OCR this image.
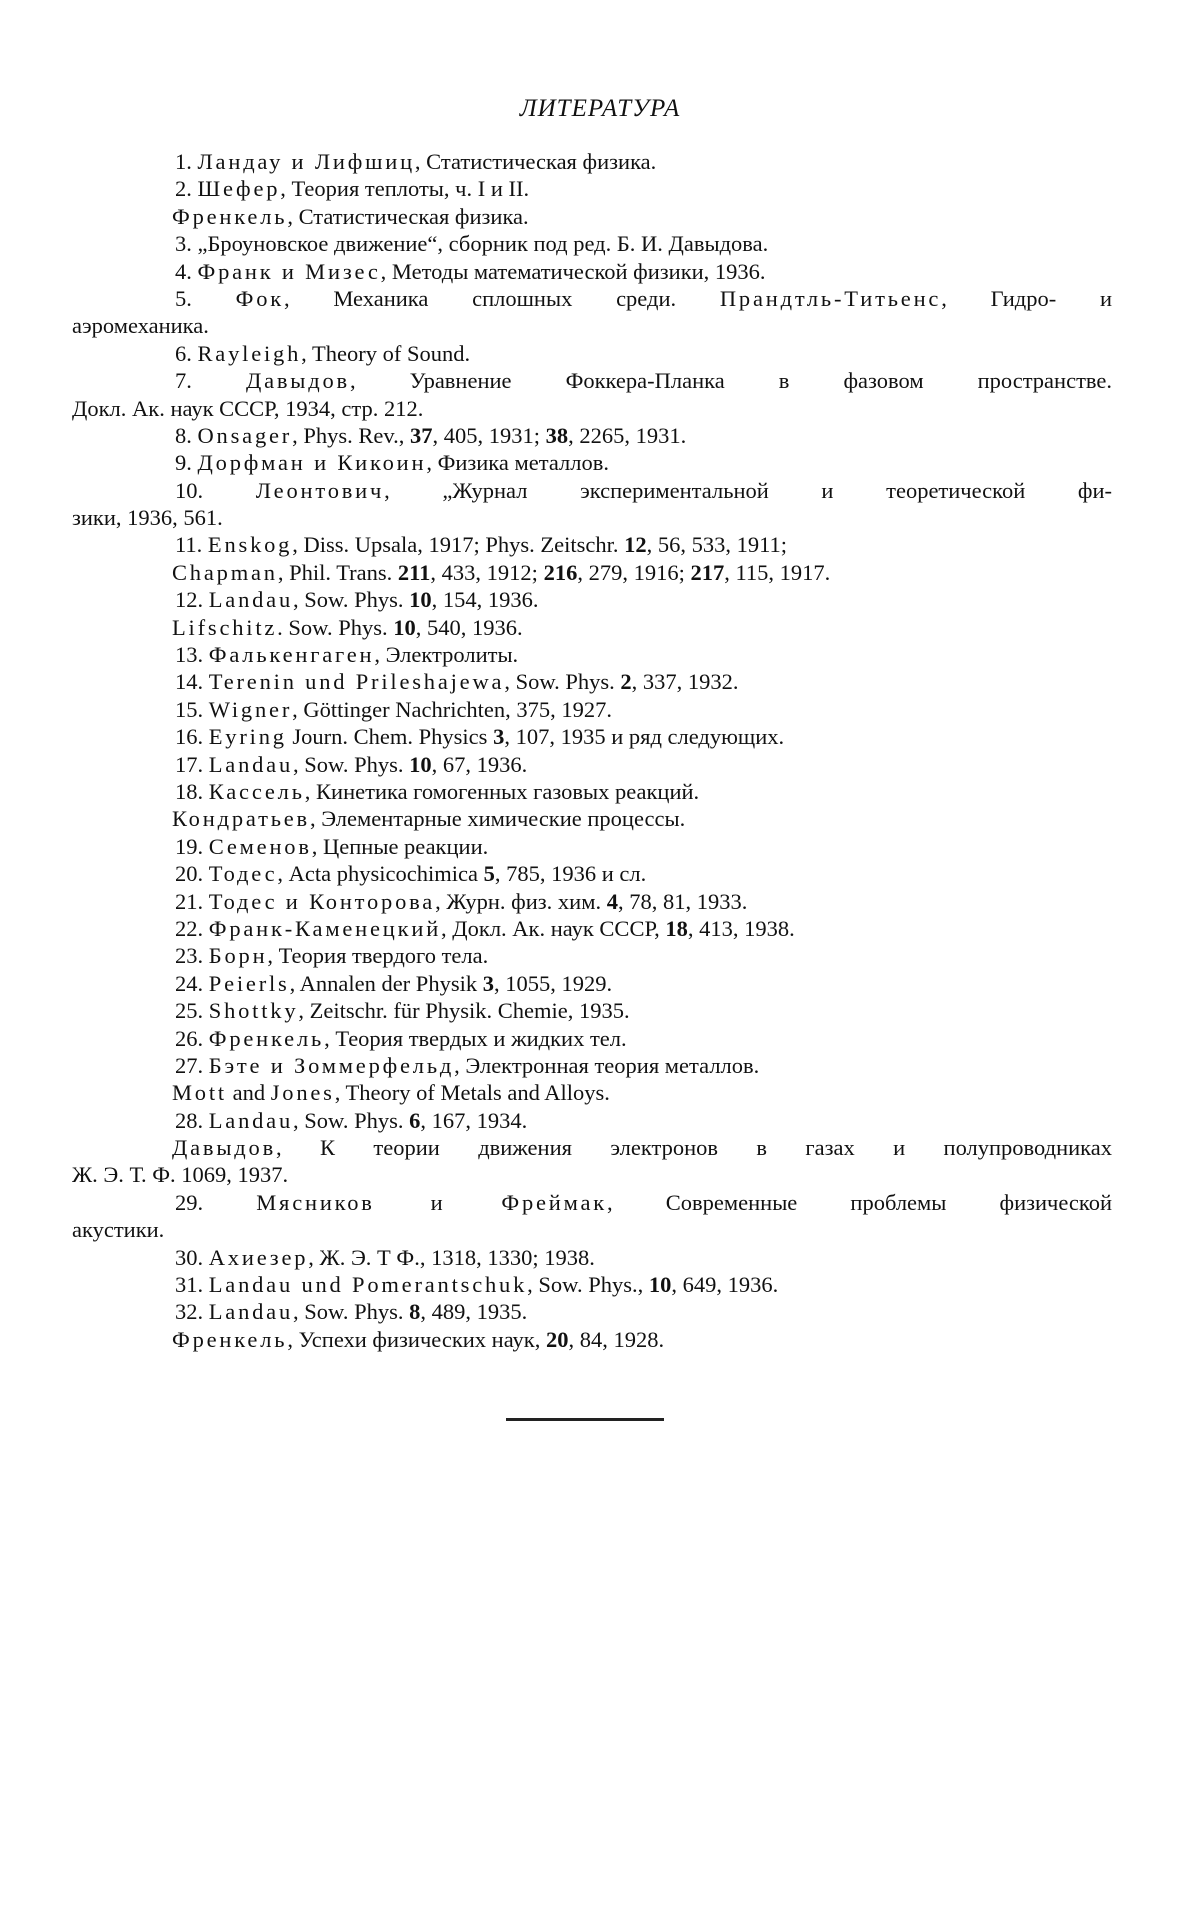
ЛИТЕРАТУРА
1. Ландау и Лифшиц, Статистическая физика.
2. Шефер, Теория теплоты, ч. I и II.
Френкель, Статистическая физика.
3. „Броуновское движение“, сборник под ред. Б. И. Давыдова.
4. Франк и Мизес, Методы математической физики, 1936.
5. Фок, Механика сплошных среди. Прандтль-Титьенс, Гидро- и
аэромеханика.
6. Rayleigh, Theory of Sound.
7. Давыдов, Уравнение Фоккера-Планка в фазовом пространстве.
Докл. Ак. наук СССР, 1934, стр. 212.
8. Onsager, Phys. Rev., 37, 405, 1931; 38, 2265, 1931.
9. Дорфман и Кикоин, Физика металлов.
10. Леонтович, „Журнал экспериментальной и теоретической фи-
зики, 1936, 561.
11. Enskog, Diss. Upsala, 1917; Phys. Zeitschr. 12, 56, 533, 1911;
Chapman, Phil. Trans. 211, 433, 1912; 216, 279, 1916; 217, 115, 1917.
12. Landau, Sow. Phys. 10, 154, 1936.
Lifschitz. Sow. Phys. 10, 540, 1936.
13. Фалькенгаген, Электролиты.
14. Terenin und Prileshajewa, Sow. Phys. 2, 337, 1932.
15. Wigner, Göttinger Nachrichten, 375, 1927.
16. Eyring Journ. Chem. Physics 3, 107, 1935 и ряд следующих.
17. Landau, Sow. Phys. 10, 67, 1936.
18. Кассель, Кинетика гомогенных газовых реакций.
Кондратьев, Элементарные химические процессы.
19. Семенов, Цепные реакции.
20. Тодес, Acta physicochimica 5, 785, 1936 и сл.
21. Тодес и Конторова, Журн. физ. хим. 4, 78, 81, 1933.
22. Франк-Каменецкий, Докл. Ак. наук СССР, 18, 413, 1938.
23. Борн, Теория твердого тела.
24. Peierls, Annalen der Physik 3, 1055, 1929.
25. Shottky, Zeitschr. für Physik. Chemie, 1935.
26. Френкель, Теория твердых и жидких тел.
27. Бэте и Зоммерфельд, Электронная теория металлов.
Mott and Jones, Theory of Metals and Alloys.
28. Landau, Sow. Phys. 6, 167, 1934.
Давыдов, К теории движения электронов в газах и полупроводниках
Ж. Э. Т. Ф. 1069, 1937.
29. Мясников и Фреймак, Современные проблемы физической
акустики.
30. Ахиезер, Ж. Э. Т Ф., 1318, 1330; 1938.
31. Landau und Pomerantschuk, Sow. Phys., 10, 649, 1936.
32. Landau, Sow. Phys. 8, 489, 1935.
Френкель, Успехи физических наук, 20, 84, 1928.
